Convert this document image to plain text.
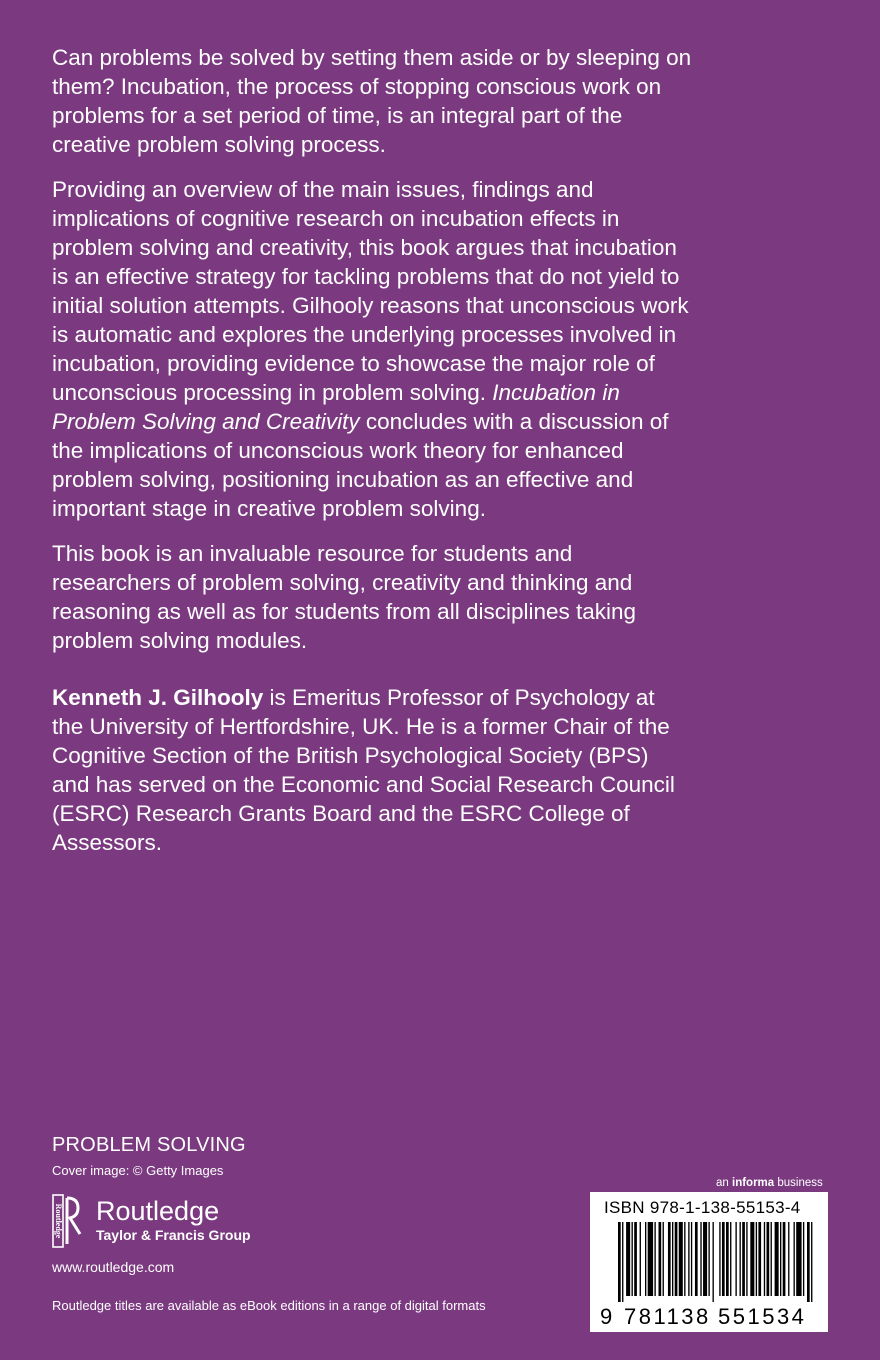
Can problems be solved by setting them aside or by sleeping on them? Incubation, the process of stopping conscious work on problems for a set period of time, is an integral part of the creative problem solving process.

Providing an overview of the main issues, findings and implications of cognitive research on incubation effects in problem solving and creativity, this book argues that incubation is an effective strategy for tackling problems that do not yield to initial solution attempts. Gilhooly reasons that unconscious work is automatic and explores the underlying processes involved in incubation, providing evidence to showcase the major role of unconscious processing in problem solving. Incubation in Problem Solving and Creativity concludes with a discussion of the implications of unconscious work theory for enhanced problem solving, positioning incubation as an effective and important stage in creative problem solving.

This book is an invaluable resource for students and researchers of problem solving, creativity and thinking and reasoning as well as for students from all disciplines taking problem solving modules.

Kenneth J. Gilhooly is Emeritus Professor of Psychology at the University of Hertfordshire, UK. He is a former Chair of the Cognitive Section of the British Psychological Society (BPS) and has served on the Economic and Social Research Council (ESRC) Research Grants Board and the ESRC College of Assessors.

PROBLEM SOLVING
Cover image: © Getty Images
Routledge Routledge
Taylor & Francis Group
www.routledge.com
Routledge titles are available as eBook editions in a range of digital formats
an informa business
ISBN 978-1-138-55153-4
9 781138 551534
